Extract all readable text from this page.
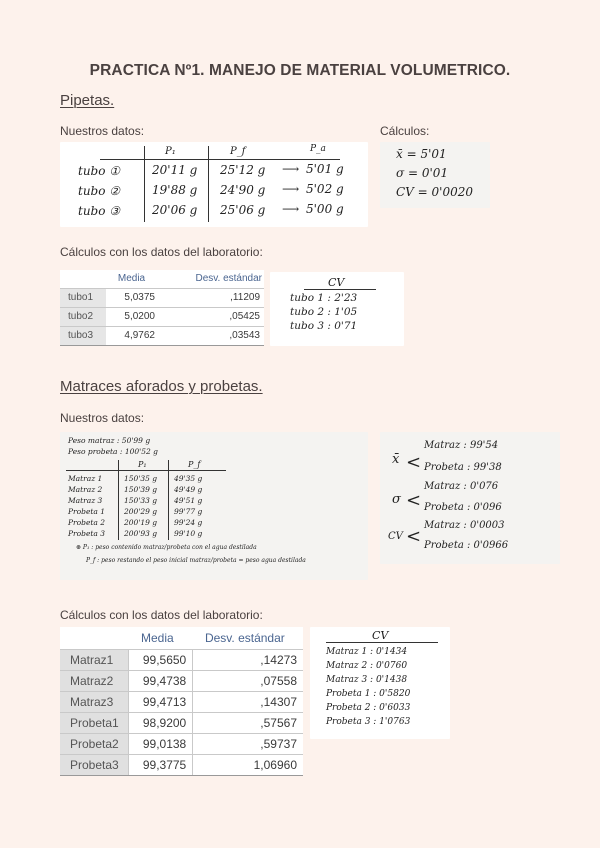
PRACTICA Nº1. MANEJO DE MATERIAL VOLUMETRICO.
Pipetas.
Nuestros datos:	Cálculos:
P₁	P_f	P_a
tubo ①	20'11 g 25'12 g ⟶ 5'01 g
tubo ②	19'88 g 24'90 g ⟶ 5'02 g
tubo ③	20'06 g 25'06 g ⟶ 5'00 g
x̄ = 5'01
σ = 0'01
CV = 0'0020
Cálculos con los datos del laboratorio:
	Media	Desv. estándar
tubo1	5,0375	,11209
tubo2	5,0200	,05425
tubo3	4,9762	,03543
CV
tubo 1 : 2'23
tubo 2 : 1'05
tubo 3 : 0'71
Matraces aforados y probetas.
Nuestros datos:
Peso matraz : 50'99 g
Peso probeta : 100'52 g
P₁	P_f
Matraz 1	150'35 g 49'35 g
Matraz 2	150'39 g 49'49 g
Matraz 3	150'33 g 49'51 g
Probeta 1	200'29 g 99'77 g
Probeta 2	200'19 g 99'24 g
Probeta 3	200'93 g 99'10 g
⊛ P₁ : peso contenido matraz/probeta con el agua destilada
P_f : peso restando el peso inicial matraz/probeta = peso agua destilada
x̄ <
Matraz : 99'54
Probeta : 99'38
σ <
Matraz : 0'076
Probeta : 0'096
CV <
Matraz : 0'0003
Probeta : 0'0966
Cálculos con los datos del laboratorio:
	Media	Desv. estándar
Matraz1	99,5650	,14273
Matraz2	99,4738	,07558
Matraz3	99,4713	,14307
Probeta1	98,9200	,57567
Probeta2	99,0138	,59737
Probeta3	99,3775	1,06960
CV
Matraz 1 : 0'1434
Matraz 2 : 0'0760
Matraz 3 : 0'1438
Probeta 1 : 0'5820
Probeta 2 : 0'6033
Probeta 3 : 1'0763
